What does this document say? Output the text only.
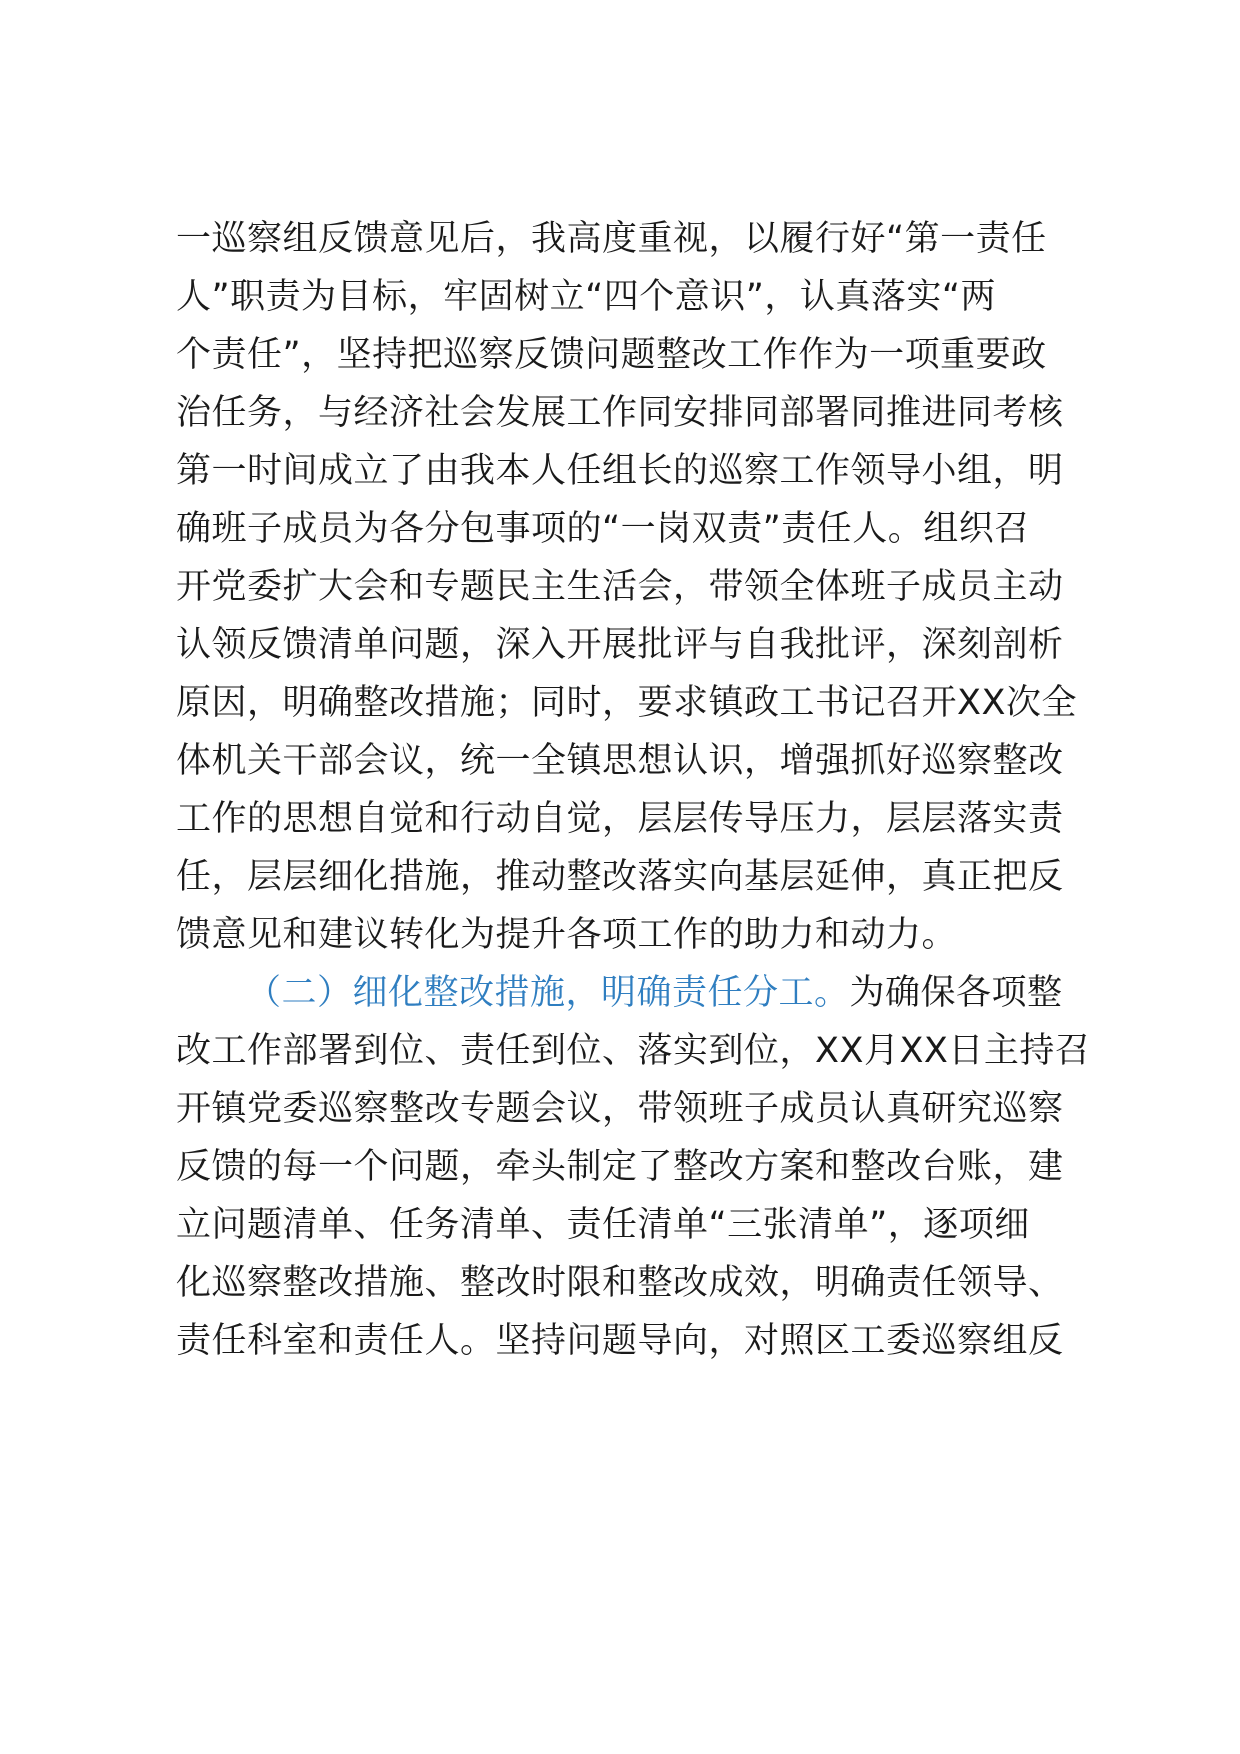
一巡察组反馈意见后，我高度重视，以履行好“第一责任
人”职责为目标，牢固树立“四个意识”，认真落实“两
个责任”，坚持把巡察反馈问题整改工作作为一项重要政
治任务，与经济社会发展工作同安排同部署同推进同考核
第一时间成立了由我本人任组长的巡察工作领导小组，明
确班子成员为各分包事项的“一岗双责”责任人。组织召
开党委扩大会和专题民主生活会，带领全体班子成员主动
认领反馈清单问题，深入开展批评与自我批评，深刻剖析
原因，明确整改措施；同时，要求镇政工书记召开XX次全
体机关干部会议，统一全镇思想认识，增强抓好巡察整改
工作的思想自觉和行动自觉，层层传导压力，层层落实责
任，层层细化措施，推动整改落实向基层延伸，真正把反
馈意见和建议转化为提升各项工作的助力和动力。
（二）细化整改措施，明确责任分工。为确保各项整
改工作部署到位、责任到位、落实到位，XX月XX日主持召
开镇党委巡察整改专题会议，带领班子成员认真研究巡察
反馈的每一个问题，牵头制定了整改方案和整改台账，建
立问题清单、任务清单、责任清单“三张清单”，逐项细
化巡察整改措施、整改时限和整改成效，明确责任领导、
责任科室和责任人。坚持问题导向，对照区工委巡察组反
